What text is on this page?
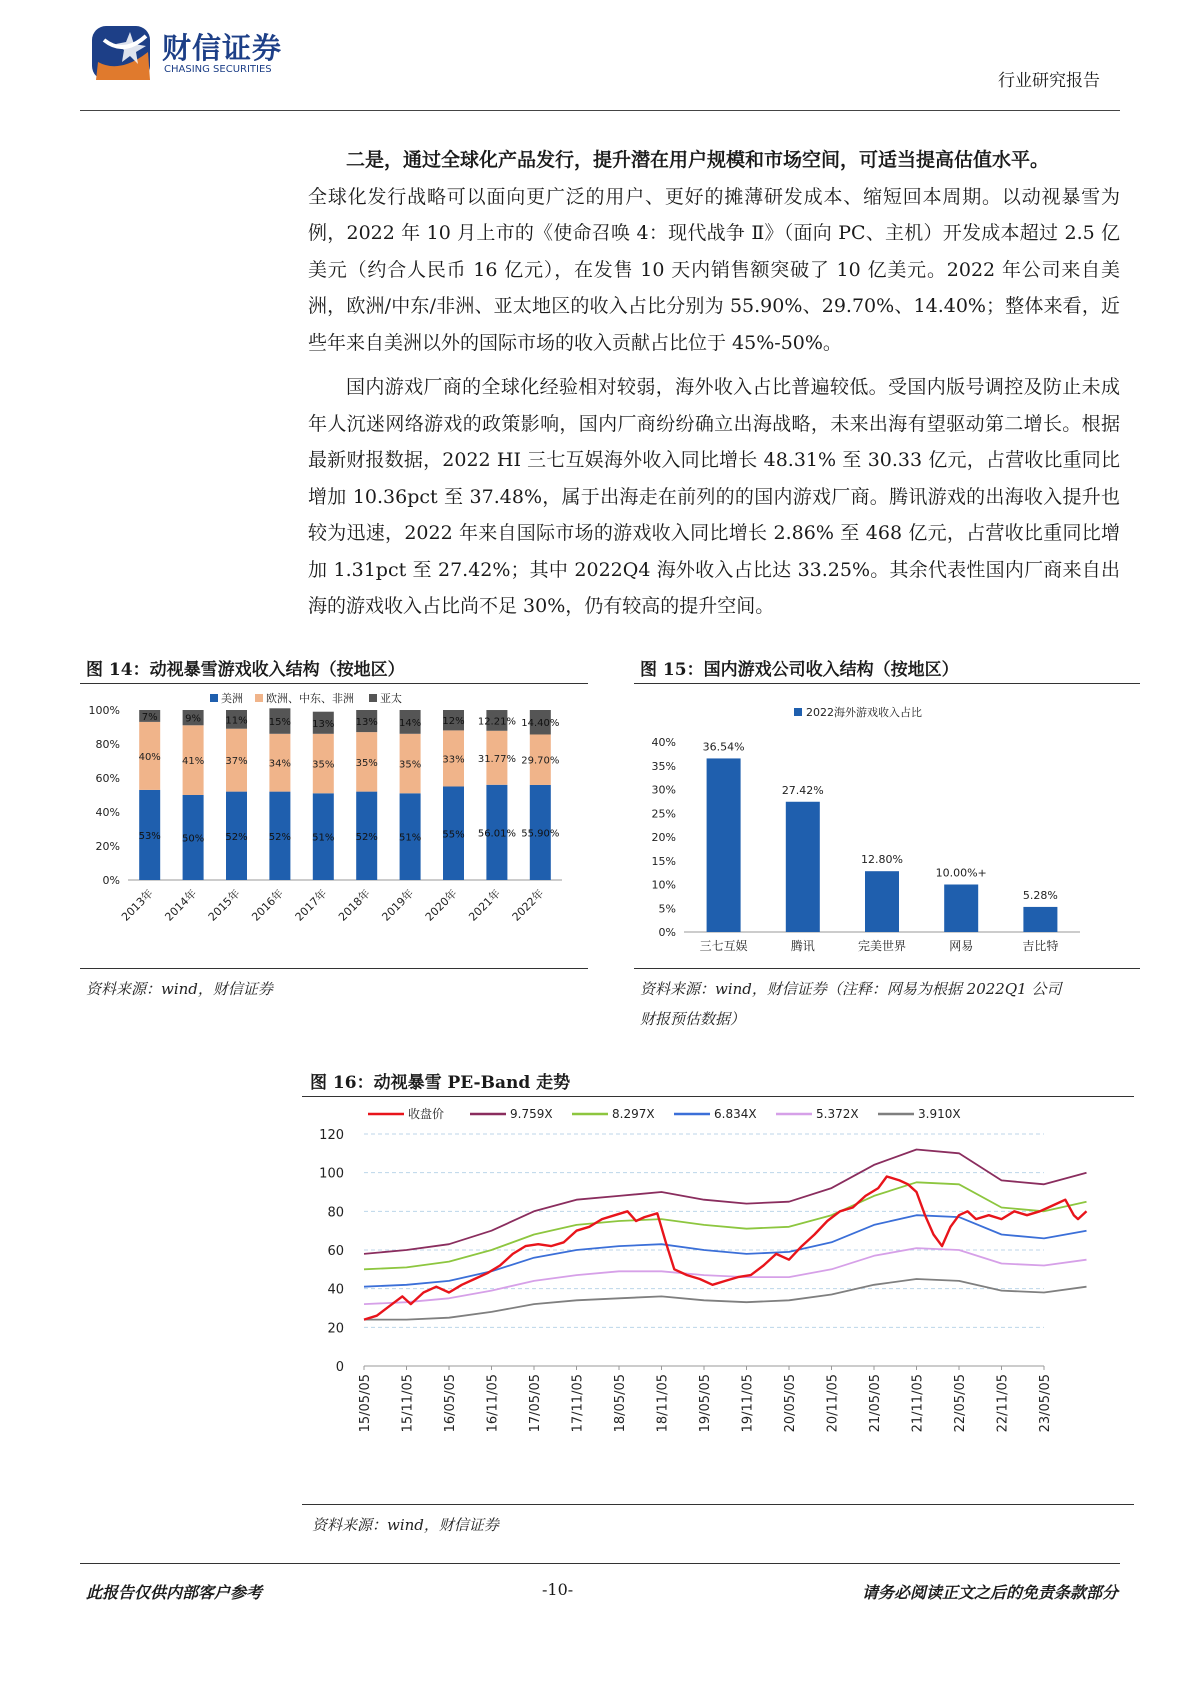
财信证券
CHASING SECURITIES
行业研究报告

二是，通过全球化产品发行，提升潜在用户规模和市场空间，可适当提高估值水平。

全球化发行战略可以面向更广泛的用户、更好的摊薄研发成本、缩短回本周期。以动视暴雪为例，2022 年 10 月上市的《使命召唤 4：现代战争 Ⅱ》（面向 PC、主机）开发成本超过 2.5 亿美元（约合人民币 16 亿元），在发售 10 天内销售额突破了 10 亿美元。2022 年公司来自美洲，欧洲/中东/非洲、亚太地区的收入占比分别为 55.90%、29.70%、14.40%；整体来看，近些年来自美洲以外的国际市场的收入贡献占比位于 45%-50%。

国内游戏厂商的全球化经验相对较弱，海外收入占比普遍较低。受国内版号调控及防止未成年人沉迷网络游戏的政策影响，国内厂商纷纷确立出海战略，未来出海有望驱动第二增长。根据最新财报数据，2022 HI 三七互娱海外收入同比增长 48.31% 至 30.33 亿元，占营收比重同比增加 10.36pct 至 37.48%，属于出海走在前列的的国内游戏厂商。腾讯游戏的出海收入提升也较为迅速，2022 年来自国际市场的游戏收入同比增长 2.86% 至 468 亿元，占营收比重同比增加 1.31pct 至 27.42%；其中 2022Q4 海外收入占比达 33.25%。其余代表性国内厂商来自出海的游戏收入占比尚不足 30%，仍有较高的提升空间。

图 14：动视暴雪游戏收入结构（按地区）
美洲 欧洲、中东、非洲 亚太
0%
20%
40%
60%
80%
100%
53%
40%
7%
2013年
50%
41%
9%
2014年
52%
37%
11%
2015年
52%
34%
15%
2016年
51%
35%
13%
2017年
52%
35%
13%
2018年
51%
35%
14%
2019年
55%
33%
12%
2020年
56.01%
31.77%
12.21%
2021年
55.90%
29.70%
14.40%
2022年
资料来源：wind，财信证券
图 15：国内游戏公司收入结构（按地区）
2022海外游戏收入占比
0%
5%
10%
15%
20%
25%
30%
35%
40% 36.54%
三七互娱
27.42%
腾讯
12.80%
完美世界
10.00%+
网易
5.28%
吉比特
资料来源：wind，财信证券（注释：网易为根据 2022Q1 公司
财报预估数据）
图 16：动视暴雪 PE-Band 走势
收盘价	9.759X	8.297X	6.834X	5.372X	3.910X
0
20
40
60
80
100
120
15/05/05 15/11/05 16/05/05 16/11/05 17/05/05 17/11/05 18/05/05 18/11/05 19/05/05 19/11/05 20/05/05 20/11/05 21/05/05 21/11/05 22/05/05 22/11/05 23/05/05
资料来源：wind，财信证券
此报告仅供内部客户参考	-10-	请务必阅读正文之后的免责条款部分
